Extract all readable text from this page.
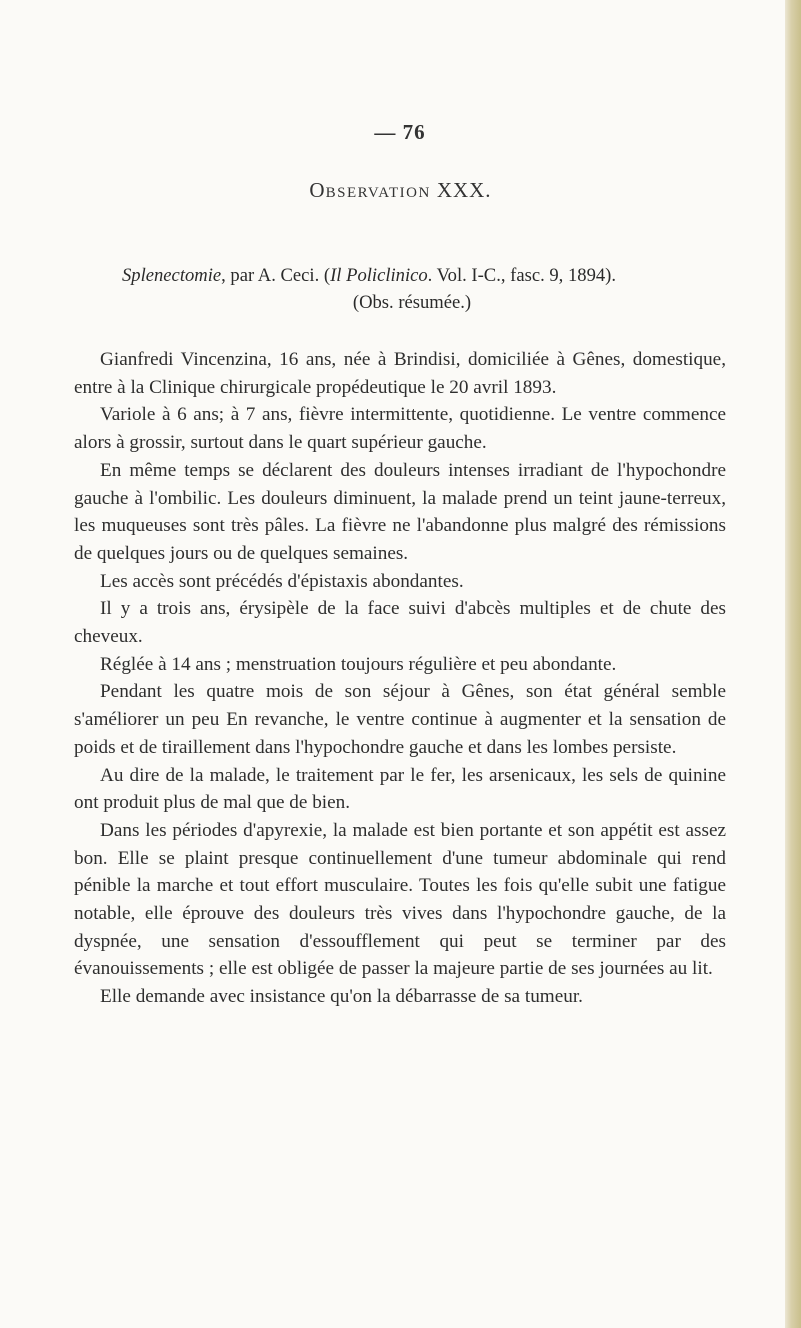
— 76
OBSERVATION XXX.
Splenectomie, par A. Ceci. (Il Policlinico. Vol. I-C., fasc. 9, 1894).
(Obs. résumée.)

Gianfredi Vincenzina, 16 ans, née à Brindisi, domiciliée à Gênes, domestique, entre à la Clinique chirurgicale propédeutique le 20 avril 1893.

Variole à 6 ans; à 7 ans, fièvre intermittente, quotidienne. Le ventre commence alors à grossir, surtout dans le quart supérieur gauche.

En même temps se déclarent des douleurs intenses irradiant de l'hypochondre gauche à l'ombilic. Les douleurs diminuent, la malade prend un teint jaune-terreux, les muqueuses sont très pâles. La fièvre ne l'abandonne plus malgré des rémissions de quelques jours ou de quelques semaines.

Les accès sont précédés d'épistaxis abondantes.

Il y a trois ans, érysipèle de la face suivi d'abcès multiples et de chute des cheveux.

Réglée à 14 ans ; menstruation toujours régulière et peu abondante.

Pendant les quatre mois de son séjour à Gênes, son état général semble s'améliorer un peu En revanche, le ventre continue à augmenter et la sensation de poids et de tiraillement dans l'hypochondre gauche et dans les lombes persiste.

Au dire de la malade, le traitement par le fer, les arsenicaux, les sels de quinine ont produit plus de mal que de bien.

Dans les périodes d'apyrexie, la malade est bien portante et son appétit est assez bon. Elle se plaint presque continuellement d'une tumeur abdominale qui rend pénible la marche et tout effort musculaire. Toutes les fois qu'elle subit une fatigue notable, elle éprouve des douleurs très vives dans l'hypochondre gauche, de la dyspnée, une sensation d'essoufflement qui peut se terminer par des évanouissements ; elle est obligée de passer la majeure partie de ses journées au lit.

Elle demande avec insistance qu'on la débarrasse de sa tumeur.
